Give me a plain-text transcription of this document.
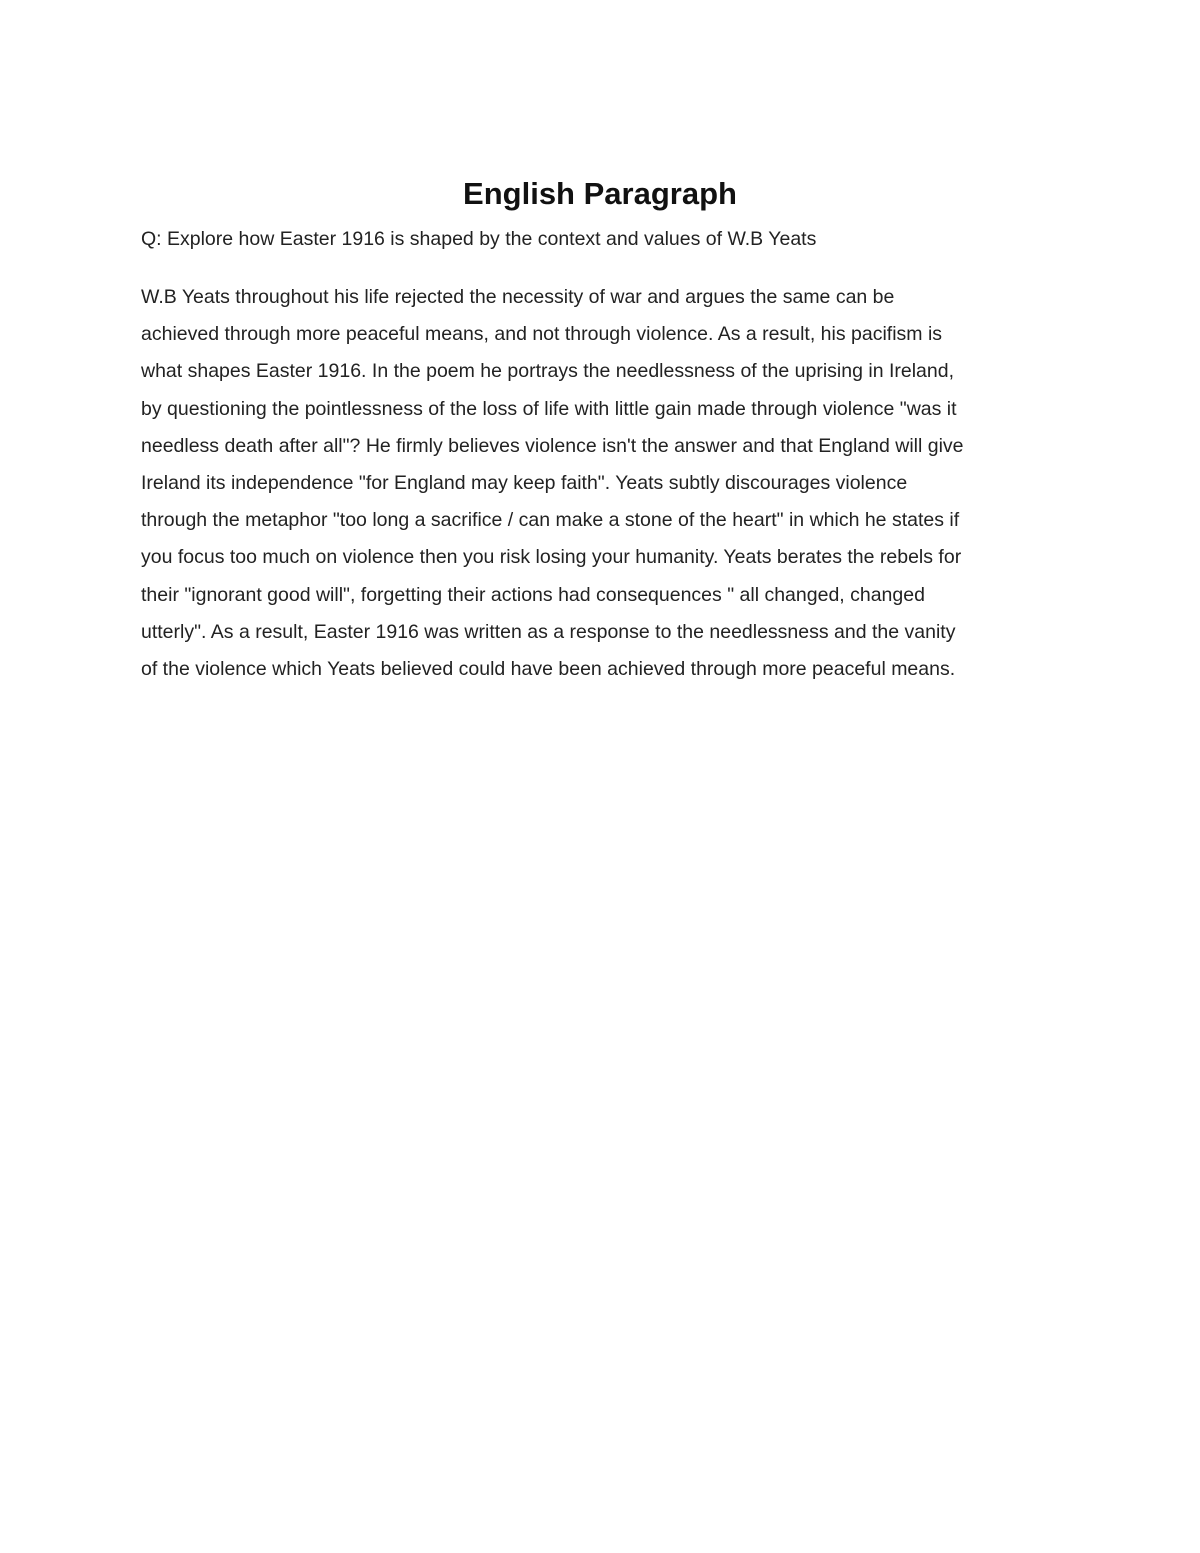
English Paragraph

Q: Explore how Easter 1916 is shaped by the context and values of W.B Yeats

W.B Yeats throughout his life rejected the necessity of war and argues the same can be
achieved through more peaceful means, and not through violence. As a result, his pacifism is
what shapes Easter 1916. In the poem he portrays the needlessness of the uprising in Ireland,
by questioning the pointlessness of the loss of life with little gain made through violence "was it
needless death after all"? He firmly believes violence isn't the answer and that England will give
Ireland its independence "for England may keep faith". Yeats subtly discourages violence
through the metaphor "too long a sacrifice / can make a stone of the heart" in which he states if
you focus too much on violence then you risk losing your humanity. Yeats berates the rebels for
their "ignorant good will", forgetting their actions had consequences " all changed, changed
utterly". As a result, Easter 1916 was written as a response to the needlessness and the vanity
of the violence which Yeats believed could have been achieved through more peaceful means.
